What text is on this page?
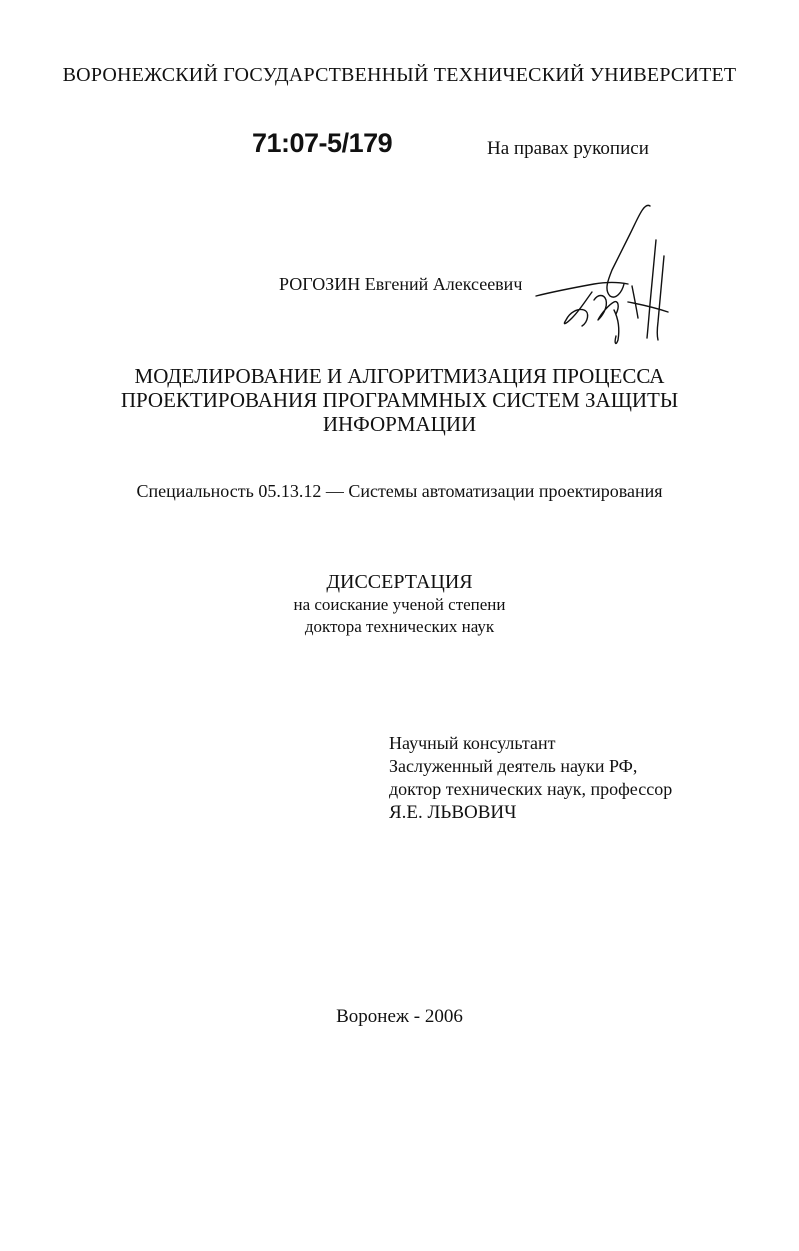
ВОРОНЕЖСКИЙ ГОСУДАРСТВЕННЫЙ ТЕХНИЧЕСКИЙ УНИВЕРСИТЕТ
71:07-5/179	На правах рукописи
РОГОЗИН Евгений Алексеевич
МОДЕЛИРОВАНИЕ И АЛГОРИТМИЗАЦИЯ ПРОЦЕССА
ПРОЕКТИРОВАНИЯ ПРОГРАММНЫХ СИСТЕМ ЗАЩИТЫ
ИНФОРМАЦИИ
Специальность 05.13.12 — Системы автоматизации проектирования
ДИССЕРТАЦИЯ
на соискание ученой степени
доктора технических наук
Научный консультант
Заслуженный деятель науки РФ,
доктор технических наук, профессор
Я.Е. ЛЬВОВИЧ
Воронеж - 2006
